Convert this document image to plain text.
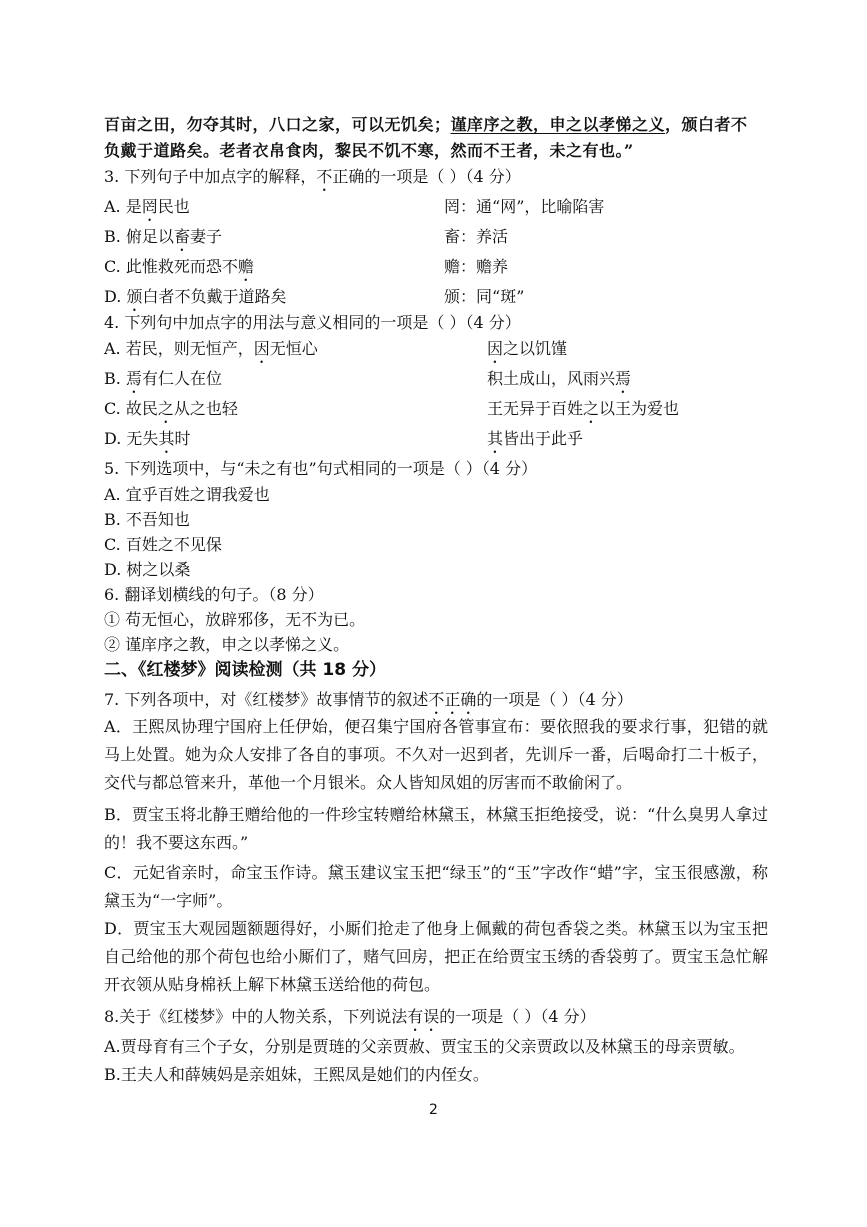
百亩之田，勿夺其时，八口之家，可以无饥矣；谨庠序之教，申之以孝悌之义，颁白者不
负戴于道路矣。老者衣帛食肉，黎民不饥不寒，然而不王者，未之有也。”
3. 下列句子中加点字的解释，不正确的一项是（ ）（4 分）
A. 是罔民也	罔：通“网”，比喻陷害
B. 俯足以畜妻子	畜：养活
C. 此惟救死而恐不赡	赡：赡养
D. 颁白者不负戴于道路矣	颁：同“斑”
4. 下列句中加点字的用法与意义相同的一项是（ ）（4 分）
A. 若民，则无恒产，因无恒心	因之以饥馑
B. 焉有仁人在位	积土成山，风雨兴焉
C. 故民之从之也轻	王无异于百姓之以王为爱也
D. 无失其时	其皆出于此乎
5. 下列选项中，与“未之有也”句式相同的一项是（ ）（4 分）
A. 宜乎百姓之谓我爱也
B. 不吾知也
C. 百姓之不见保
D. 树之以桑
6. 翻译划横线的句子。（8 分）
① 苟无恒心，放辟邪侈，无不为已。
② 谨庠序之教，申之以孝悌之义。
二、《红楼梦》阅读检测（共 18 分）
7. 下列各项中，对《红楼梦》故事情节的叙述不正确的一项是（ ）（4 分）
A．王熙凤协理宁国府上任伊始，便召集宁国府各管事宣布：要依照我的要求行事，犯错的就马上处置。她为众人安排了各自的事项。不久对一迟到者，先训斥一番，后喝命打二十板子，交代与都总管来升，革他一个月银米。众人皆知凤姐的厉害而不敢偷闲了。
B．贾宝玉将北静王赠给他的一件珍宝转赠给林黛玉，林黛玉拒绝接受，说：“什么臭男人拿过的！我不要这东西。”
C．元妃省亲时，命宝玉作诗。黛玉建议宝玉把“绿玉”的“玉”字改作“蜡”字，宝玉很感激，称黛玉为“一字师”。
D．贾宝玉大观园题额题得好，小厮们抢走了他身上佩戴的荷包香袋之类。林黛玉以为宝玉把自己给他的那个荷包也给小厮们了，赌气回房，把正在给贾宝玉绣的香袋剪了。贾宝玉急忙解开衣领从贴身棉袄上解下林黛玉送给他的荷包。
8.关于《红楼梦》中的人物关系，下列说法有误的一项是（ ）（4 分）
A.贾母育有三个子女，分别是贾琏的父亲贾赦、贾宝玉的父亲贾政以及林黛玉的母亲贾敏。
B.王夫人和薛姨妈是亲姐妹，王熙凤是她们的内侄女。
2
